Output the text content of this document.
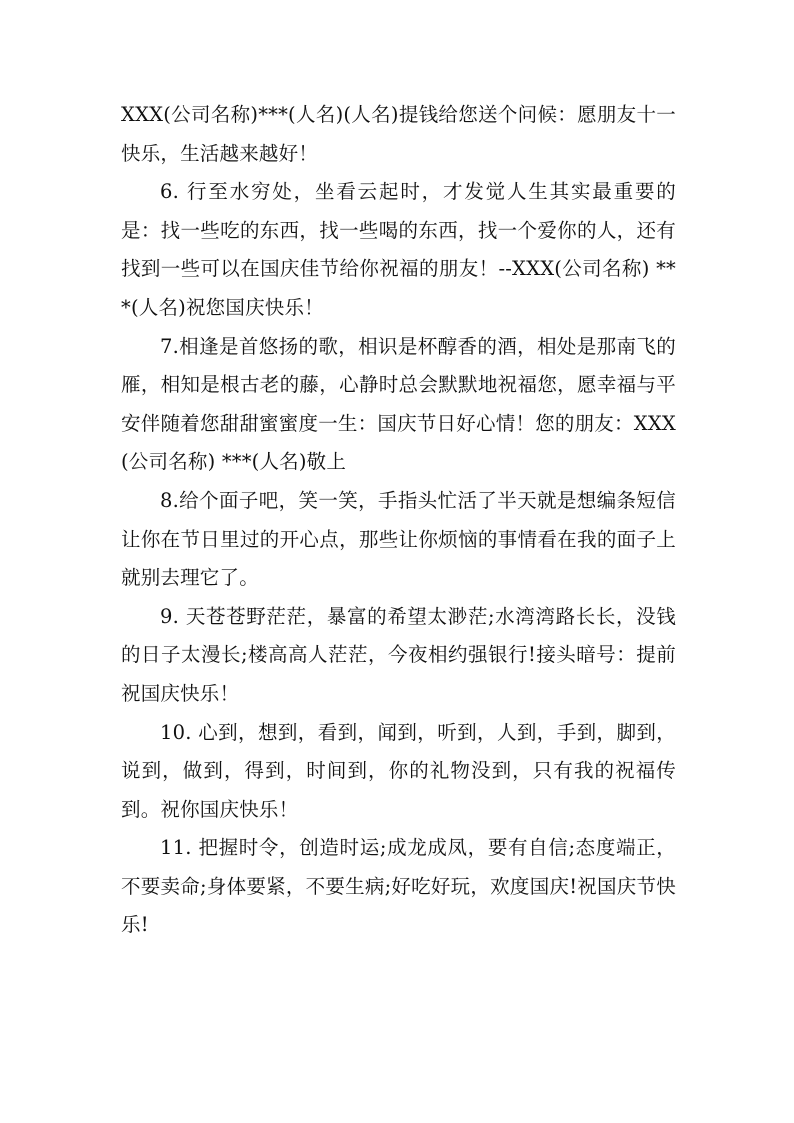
XXX(公司名称)***(人名)(人名)提钱给您送个问候：愿朋友十一快乐，生活越来越好！

6. 行至水穷处，坐看云起时，才发觉人生其实最重要的是：找一些吃的东西，找一些喝的东西，找一个爱你的人，还有找到一些可以在国庆佳节给你祝福的朋友！--XXX(公司名称) ***(人名)祝您国庆快乐！

7.相逢是首悠扬的歌，相识是杯醇香的酒，相处是那南飞的雁，相知是根古老的藤，心静时总会默默地祝福您，愿幸福与平安伴随着您甜甜蜜蜜度一生：国庆节日好心情！您的朋友：XXX(公司名称) ***(人名)敬上

8.给个面子吧，笑一笑，手指头忙活了半天就是想编条短信让你在节日里过的开心点，那些让你烦恼的事情看在我的面子上就别去理它了。

9. 天苍苍野茫茫，暴富的希望太渺茫;水湾湾路长长，没钱的日子太漫长;楼高高人茫茫，今夜相约强银行!接头暗号：提前祝国庆快乐！

10. 心到，想到，看到，闻到，听到，人到，手到，脚到，说到，做到，得到，时间到，你的礼物没到，只有我的祝福传到。祝你国庆快乐！

11. 把握时令，创造时运;成龙成凤，要有自信;态度端正，不要卖命;身体要紧，不要生病;好吃好玩，欢度国庆!祝国庆节快乐!
